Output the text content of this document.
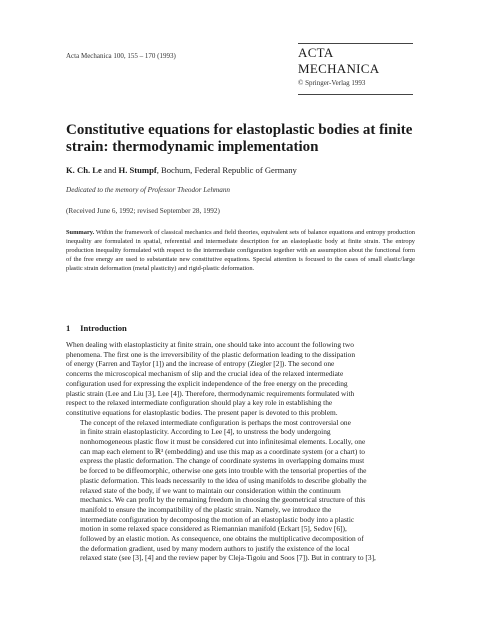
Acta Mechanica 100, 155 – 170 (1993)	ACTA MECHANICA
© Springer-Verlag 1993
Constitutive equations for elastoplastic bodies at finite strain: thermodynamic implementation
K. Ch. Le and H. Stumpf, Bochum, Federal Republic of Germany
Dedicated to the memory of Professor Theodor Lehmann
(Received June 6, 1992; revised September 28, 1992)
Summary. Within the framework of classical mechanics and field theories, equivalent sets of balance equations and entropy production inequality are formulated in spatial, referential and intermediate description for an elastoplastic body at finite strain. The entropy production inequality formulated with respect to the intermediate configuration together with an assumption about the functional form of the free energy are used to substantiate new constitutive equations. Special attention is focused to the cases of small elastic/large plastic strain deformation (metal plasticity) and rigid-plastic deformation.
1 Introduction

When dealing with elastoplasticity at finite strain, one should take into account the following two
phenomena. The first one is the irreversibility of the plastic deformation leading to the dissipation
of energy (Farren and Taylor [1]) and the increase of entropy (Ziegler [2]). The second one
concerns the microscopical mechanism of slip and the crucial idea of the relaxed intermediate
configuration used for expressing the explicit independence of the free energy on the preceding
plastic strain (Lee and Liu [3], Lee [4]). Therefore, thermodynamic requirements formulated with
respect to the relaxed intermediate configuration should play a key role in establishing the
constitutive equations for elastoplastic bodies. The present paper is devoted to this problem.

The concept of the relaxed intermediate configuration is perhaps the most controversial one
in finite strain elastoplasticity. According to Lee [4], to unstress the body undergoing
nonhomogeneous plastic flow it must be considered cut into infinitesimal elements. Locally, one
can map each element to ℝ³ (embedding) and use this map as a coordinate system (or a chart) to
express the plastic deformation. The change of coordinate systems in overlapping domains must
be forced to be diffeomorphic, otherwise one gets into trouble with the tensorial properties of the
plastic deformation. This leads necessarily to the idea of using manifolds to describe globally the
relaxed state of the body, if we want to maintain our consideration within the continuum
mechanics. We can profit by the remaining freedom in choosing the geometrical structure of this
manifold to ensure the incompatibility of the plastic strain. Namely, we introduce the
intermediate configuration by decomposing the motion of an elastoplastic body into a plastic
motion in some relaxed space considered as Riemannian manifold (Eckart [5], Sedov [6]),
followed by an elastic motion. As consequence, one obtains the multiplicative decomposition of
the deformation gradient, used by many modern authors to justify the existence of the local
relaxed state (see [3], [4] and the review paper by Cleja-Tigoiu and Soos [7]). But in contrary to [3],
